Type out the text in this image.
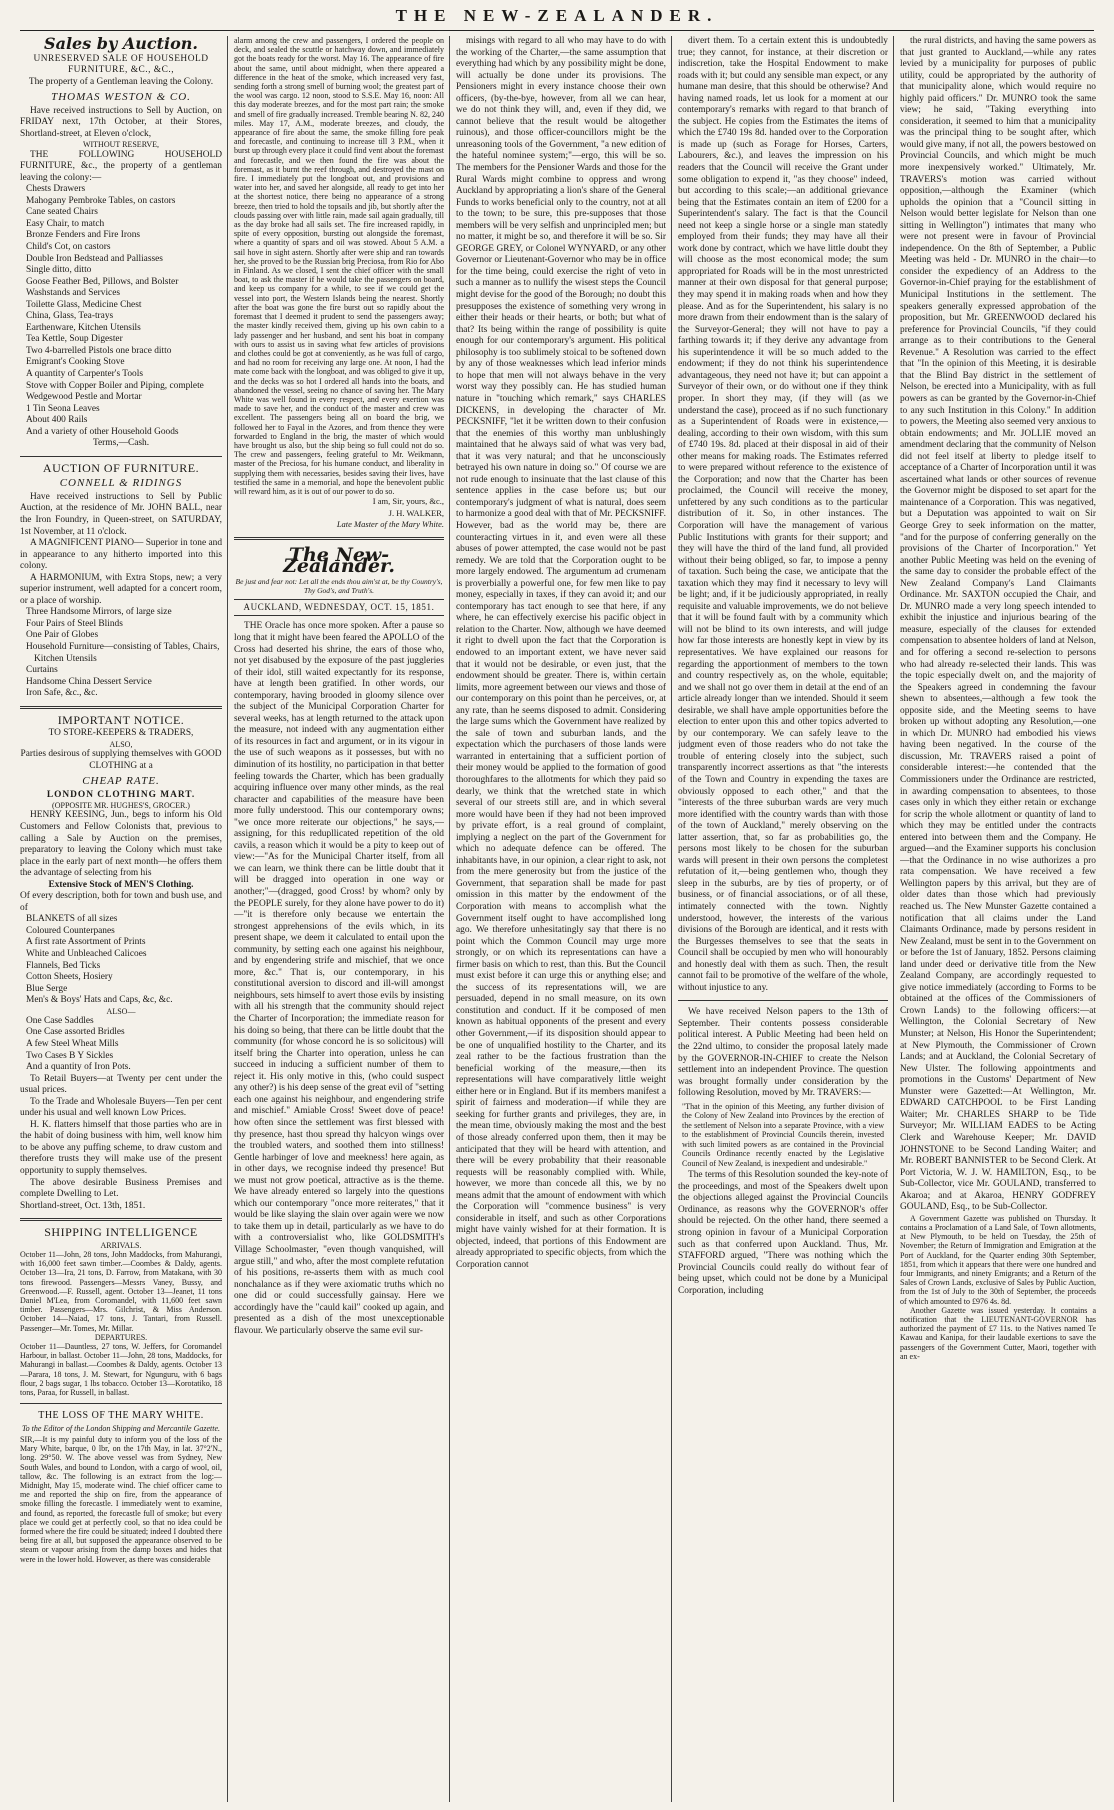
THE NEW-ZEALANDER.
Sales by Auction.
UNRESERVED SALE OF HOUSEHOLD FURNITURE, &C., &C.,
The property of a Gentleman leaving the Colony.
THOMAS WESTON & CO.

Have received instructions to Sell by Auction, on FRIDAY next, 17th October, at their Stores, Shortland-street, at Eleven o'clock,

WITHOUT RESERVE,

THE FOLLOWING HOUSEHOLD FURNITURE, &c., the property of a gentleman leaving the colony:—

Chests Drawers
Mahogany Pembroke Tables, on castors
Cane seated Chairs
Easy Chair, to match
Bronze Fenders and Fire Irons
Child's Cot, on castors
Double Iron Bedstead and Palliasses
Single ditto, ditto
Goose Feather Bed, Pillows, and Bolster
Washstands and Services
Toilette Glass, Medicine Chest
China, Glass, Tea-trays
Earthenware, Kitchen Utensils
Tea Kettle, Soup Digester
Two 4-barrelled Pistols one brace ditto
Emigrant's Cooking Stove
A quantity of Carpenter's Tools
Stove with Copper Boiler and Piping, complete
Wedgewood Pestle and Mortar
1 Tin Seona Leaves
About 400 Rails
And a variety of other Household Goods
Terms,—Cash.
AUCTION OF FURNITURE.
CONNELL & RIDINGS

Have received instructions to Sell by Public Auction, at the residence of Mr. JOHN BALL, near the Iron Foundry, in Queen-street, on SATURDAY, 1st November, at 11 o'clock.

A MAGNIFICENT PIANO— Superior in tone and in appearance to any hitherto imported into this colony.

A HARMONIUM, with Extra Stops, new; a very superior instrument, well adapted for a concert room, or a place of worship.

Three Handsome Mirrors, of large size
Four Pairs of Steel Blinds
One Pair of Globes
Household Furniture—consisting of Tables, Chairs, Kitchen Utensils
Curtains
Handsome China Dessert Service
Iron Safe, &c., &c.
IMPORTANT NOTICE.
TO STORE-KEEPERS & TRADERS,
ALSO,
Parties desirous of supplying themselves with GOOD CLOTHING at a
CHEAP RATE.
LONDON CLOTHING MART.
(OPPOSITE MR. HUGHES'S, GROCER.)

HENRY KEESING, Jun., begs to inform his Old Customers and Fellow Colonists that, previous to calling a Sale by Auction on the premises, preparatory to leaving the Colony which must take place in the early part of next month—he offers them the advantage of selecting from his

Extensive Stock of MEN'S Clothing.
Of every description, both for town and bush use, and of
BLANKETS of all sizes
Coloured Counterpanes
A first rate Assortment of Prints
White and Unbleached Calicoes
Flannels, Bed Ticks
Cotton Sheets, Hosiery
Blue Serge
Men's & Boys' Hats and Caps, &c, &c.
ALSO—
One Case Saddles
One Case assorted Bridles
A few Steel Wheat Mills
Two Cases B Y Sickles
And a quantity of Iron Pots.

To Retail Buyers—at Twenty per cent under the usual prices.

To the Trade and Wholesale Buyers—Ten per cent under his usual and well known Low Prices.

H. K. flatters himself that those parties who are in the habit of doing business with him, well know him to be above any puffing scheme, to draw custom and therefore trusts they will make use of the present opportunity to supply themselves.

The above desirable Business Premises and complete Dwelling to Let.

Shortland-street, Oct. 13th, 1851.
SHIPPING INTELLIGENCE
ARRIVALS.
October 11—John, 28 tons, John Maddocks, from Mahurangi, with 16,000 feet sawn timber.—Coombes & Daldy, agents. October 13—Ira, 21 tons, D. Farrow, from Matakana, with 30 tons firewood. Passengers—Messrs Vaney, Bussy, and Greenwood.—F. Russell, agent. October 13—Jeanet, 11 tons Daniel M'Lea, from Coromandel, with 11,600 feet sawn timber. Passengers—Mrs. Gilchrist, & Miss Anderson. October 14—Naiad, 17 tons, J. Tantari, from Russell. Passenger—Mr. Tomes, Mr. Millar.
DEPARTURES.
October 11—Dauntless, 27 tons, W. Jeffers, for Coromandel Harbour, in ballast. October 11—John, 28 tons, Maddocks, for Mahurangi in ballast.—Coombes & Daldy, agents. October 13—Parara, 18 tons, J. M. Stewart, for Ngunguru, with 6 bags flour, 2 bags sugar, 1 lbs tobacco. October 13—Korotatiko, 18 tons, Paraa, for Russell, in ballast.
THE LOSS OF THE MARY WHITE.
To the Editor of the London Shipping and Mercantile Gazette.
SIR,—It is my painful duty to inform you of the loss of the Mary White, barque, 0 lbr, on the 17th May, in lat. 37°2'N., long. 29°50. W. The above vessel was from Sydney, New South Wales, and bound to London, with a cargo of wool, oil, tallow, &c. The following is an extract from the log:—Midnight, May 15, moderate wind. The chief officer came to me and reported the ship on fire, from the appearance of smoke filling the forecastle. I immediately went to examine, and found, as reported, the forecastle full of smoke; but every place we could get at perfectly cool, so that no idea could be formed where the fire could be situated; indeed I doubted there being fire at all, but supposed the appearance observed to be steam or vapour arising from the damp boxes and hides that were in the lower hold. However, as there was considerable
alarm among the crew and passengers, I ordered the people on deck, and sealed the scuttle or hatchway down, and immediately got the boats ready for the worst. May 16. The appearance of fire about the same, until about midnight, when there appeared a difference in the heat of the smoke, which increased very fast, sending forth a strong smell of burning wool; the greatest part of the wool was cargo. 12 noon, stood to S.S.E. May 16, noon: All this day moderate breezes, and for the most part rain; the smoke and smell of fire gradually increased. Tremble bearing N. 82, 240 miles. May 17, A.M., moderate breezes, and cloudy, the appearance of fire about the same, the smoke filling fore peak and forecastle, and continuing to increase till 3 P.M., when it burst up through every place it could find vent about the foremast and forecastle, and we then found the fire was about the foremast, as it burnt the reef through, and destroyed the mast on fire. I immediately put the longboat out, and provisions and water into her, and saved her alongside, all ready to get into her at the shortest notice, there being no appearance of a strong breeze, then tried to hold the topsails and jib, but shortly after the clouds passing over with little rain, made sail again gradually, till as the day broke had all sails set. The fire increased rapidly, in spite of every opposition, bursting out alongside the foremast, where a quantity of spars and oil was stowed. About 5 A.M. a sail hove in sight astern. Shortly after were ship and ran towards her, she proved to be the Russian brig Preciosa, from Rio for Abo in Finland. As we closed, I sent the chief officer with the small boat, to ask the master if he would take the passengers on board, and keep us company for a while, to see if we could get the vessel into port, the Western Islands being the nearest. Shortly after the boat was gone the fire burst out so rapidly about the foremast that I deemed it prudent to send the passengers away; the master kindly received them, giving up his own cabin to a lady passenger and her husband, and sent his boat in company with ours to assist us in saving what few articles of provisions and clothes could be got at conveniently, as he was full of cargo, and had no room for receiving any large one. At noon, I had the mate come back with the longboat, and was obliged to give it up, and the decks was so hot I ordered all hands into the boats, and abandoned the vessel, seeing no chance of saving her. The Mary White was well found in every respect, and every exertion was made to save her, and the conduct of the master and crew was excellent. The passengers being all on board the brig, we followed her to Fayal in the Azores, and from thence they were forwarded to England in the brig, the master of which would have brought us also, but the ship being so full could not do so. The crew and passengers, feeling grateful to Mr. Weikmann, master of the Preciosa, for his humane conduct, and liberality in supplying them with necessaries, besides saving their lives, have testified the same in a memorial, and hope the benevolent public will reward him, as it is out of our power to do so.
I am, Sir, yours, &c.,
J. H. WALKER,
Late Master of the Mary White.
The New-Zealander.
Be just and fear not: Let all the ends thou aim'st at, be thy Country's, Thy God's, and Truth's.
AUCKLAND, WEDNESDAY, OCT. 15, 1851.

THE Oracle has once more spoken. After a pause so long that it might have been feared the APOLLO of the Cross had deserted his shrine, the ears of those who, not yet disabused by the exposure of the past juggleries of their idol, still waited expectantly for its response, have at length been gratified. In other words, our contemporary, having brooded in gloomy silence over the subject of the Municipal Corporation Charter for several weeks, has at length returned to the attack upon the measure, not indeed with any augmentation either of its resources in fact and argument, or in its vigour in the use of such weapons as it possesses, but with no diminution of its hostility, no participation in that better feeling towards the Charter, which has been gradually acquiring influence over many other minds, as the real character and capabilities of the measure have been more fully understood. This our contemporary owns; "we once more reiterate our objections," he says,—assigning, for this redupllicated repetition of the old cavils, a reason which it would be a pity to keep out of view:—"As for the Municipal Charter itself, from all we can learn, we think there can be little doubt that it will be dragged into operation in one way or another;"—(dragged, good Cross! by whom? only by the PEOPLE surely, for they alone have power to do it)—"it is therefore only because we entertain the strongest apprehensions of the evils which, in its present shape, we deem it calculated to entail upon the community, by setting each one against his neighbour, and by engendering strife and mischief, that we once more, &c." That is, our contemporary, in his constitutional aversion to discord and ill-will amongst neighbours, sets himself to avert those evils by insisting with all his strength that the community should reject the Charter of Incorporation; the immediate reason for his doing so being, that there can be little doubt that the community (for whose concord he is so solicitous) will itself bring the Charter into operation, unless he can succeed in inducing a sufficient number of them to reject it. His only motive in this, (who could suspect any other?) is his deep sense of the great evil of "setting each one against his neighbour, and engendering strife and mischief." Amiable Cross! Sweet dove of peace! how often since the settlement was first blessed with thy presence, hast thou spread thy halcyon wings over the troubled waters, and soothed them into stillness! Gentle harbinger of love and meekness! here again, as in other days, we recognise indeed thy presence! But we must not grow poetical, attractive as is the theme. We have already entered so largely into the questions which our contemporary "once more reiterates," that it would be like slaying the slain over again were we now to take them up in detail, particularly as we have to do with a controversialist who, like GOLDSMITH's Village Schoolmaster, "even though vanquished, will argue still," and who, after the most complete refutation of his positions, re-asserts them with as much cool nonchalance as if they were axiomatic truths which no one did or could successfully gainsay. Here we accordingly have the "cauld kail" cooked up again, and presented as a dish of the most unexceptionable flavour. We particularly observe the same evil sur-

misings with regard to all who may have to do with the working of the Charter,—the same assumption that everything had which by any possibility might be done, will actually be done under its provisions. The Pensioners might in every instance choose their own officers, (by-the-bye, however, from all we can hear, we do not think they will, and, even if they did, we cannot believe that the result would be altogether ruinous), and those officer-councillors might be the unreasoning tools of the Government, "a new edition of the hateful nominee system;"—ergo, this will be so. The members for the Pensioner Wards and those for the Rural Wards might combine to oppress and wrong Auckland by appropriating a lion's share of the General Funds to works beneficial only to the country, not at all to the town; to be sure, this pre-supposes that those members will be very selfish and unprincipled men; but no matter, it might be so, and therefore it will be so. Sir GEORGE GREY, or Colonel WYNYARD, or any other Governor or Lieutenant-Governor who may be in office for the time being, could exercise the right of veto in such a manner as to nullify the wisest steps the Council might devise for the good of the Borough; no doubt this presupposes the existence of something very wrong in either their heads or their hearts, or both; but what of that? Its being within the range of possibility is quite enough for our contemporary's argument. His political philosophy is too sublimely stoical to be softened down by any of those weaknesses which lead inferior minds to hope that men will not always behave in the very worst way they possibly can. He has studied human nature in "touching which remark," says CHARLES DICKENS, in developing the character of Mr. PECKSNIFF, "let it be written down to their confusion that the enemies of this worthy man unblushingly maintained that he always said of what was very bad, that it was very natural; and that he unconsciously betrayed his own nature in doing so." Of course we are not rude enough to insinuate that the last clause of this sentence applies in the case before us; but our contemporary's judgment of what is natural, does seem to harmonize a good deal with that of Mr. PECKSNIFF. However, bad as the world may be, there are counteracting virtues in it, and even were all these abuses of power attempted, the case would not be past remedy. We are told that the Corporation ought to be more largely endowed. The argumentum ad crumenam is proverbially a powerful one, for few men like to pay money, especially in taxes, if they can avoid it; and our contemporary has tact enough to see that here, if any where, he can effectively exercise his pacific object in relation to the Charter. Now, although we have deemed it right to dwell upon the fact that the Corporation is endowed to an important extent, we have never said that it would not be desirable, or even just, that the endowment should be greater. There is, within certain limits, more agreement between our views and those of our contemporary on this point than he perceives, or, at any rate, than he seems disposed to admit. Considering the large sums which the Government have realized by the sale of town and suburban lands, and the expectation which the purchasers of those lands were warranted in entertaining that a sufficient portion of their money would be applied to the formation of good thoroughfares to the allotments for which they paid so dearly, we think that the wretched state in which several of our streets still are, and in which several more would have been if they had not been improved by private effort, is a real ground of complaint, implying a neglect on the part of the Government for which no adequate defence can be offered. The inhabitants have, in our opinion, a clear right to ask, not from the mere generosity but from the justice of the Government, that separation shall be made for past omission in this matter by the endowment of the Corporation with means to accomplish what the Government itself ought to have accomplished long ago. We therefore unhesitatingly say that there is no point which the Common Council may urge more strongly, or on which its representations can have a firmer basis on which to rest, than this. But the Council must exist before it can urge this or anything else; and the success of its representations will, we are persuaded, depend in no small measure, on its own constitution and conduct. If it be composed of men known as habitual opponents of the present and every other Government,—if its disposition should appear to be one of unqualified hostility to the Charter, and its zeal rather to be the factious frustration than the beneficial working of the measure,—then its representations will have comparatively little weight either here or in England. But if its members manifest a spirit of fairness and moderation—if while they are seeking for further grants and privileges, they are, in the mean time, obviously making the most and the best of those already conferred upon them, then it may be anticipated that they will be heard with attention, and there will be every probability that their reasonable requests will be reasonably complied with. While, however, we more than concede all this, we by no means admit that the amount of endowment with which the Corporation will "commence business" is very considerable in itself, and such as other Corporations might have vainly wished for at their formation. It is objected, indeed, that portions of this Endowment are already appropriated to specific objects, from which the Corporation cannot

divert them. To a certain extent this is undoubtedly true; they cannot, for instance, at their discretion or indiscretion, take the Hospital Endowment to make roads with it; but could any sensible man expect, or any humane man desire, that this should be otherwise? And having named roads, let us look for a moment at our contemporary's remarks with regard to that branch of the subject. He copies from the Estimates the items of which the £740 19s 8d. handed over to the Corporation is made up (such as Forage for Horses, Carters, Labourers, &c.), and leaves the impression on his readers that the Council will receive the Grant under some obligation to expend it, "as they choose" indeed, but according to this scale;—an additional grievance being that the Estimates contain an item of £200 for a Superintendent's salary. The fact is that the Council need not keep a single horse or a single man statedly employed from their funds; they may have all their work done by contract, which we have little doubt they will choose as the most economical mode; the sum appropriated for Roads will be in the most unrestricted manner at their own disposal for that general purpose; they may spend it in making roads when and how they please. And as for the Superintendent, his salary is no more drawn from their endowment than is the salary of the Surveyor-General; they will not have to pay a farthing towards it; if they derive any advantage from his superintendence it will be so much added to the endowment; if they do not think his superintendence advantageous, they need not have it; but can appoint a Surveyor of their own, or do without one if they think proper. In short they may, (if they will (as we understand the case), proceed as if no such functionary as a Superintendent of Roads were in existence,—dealing, according to their own wisdom, with this sum of £740 19s. 8d. placed at their disposal in aid of their other means for making roads. The Estimates referred to were prepared without reference to the existence of the Corporation; and now that the Charter has been proclaimed, the Council will receive the money, unfettered by any such conditions as to the particular distribution of it. So, in other instances. The Corporation will have the management of various Public Institutions with grants for their support; and they will have the third of the land fund, all provided without their being obliged, so far, to impose a penny of taxation. Such being the case, we anticipate that the taxation which they may find it necessary to levy will be light; and, if it be judiciously appropriated, in really requisite and valuable improvements, we do not believe that it will be found fault with by a community which will not be blind to its own interests, and will judge how far those interests are honestly kept in view by its representatives. We have explained our reasons for regarding the apportionment of members to the town and country respectively as, on the whole, equitable; and we shall not go over them in detail at the end of an article already longer than we intended. Should it seem desirable, we shall have ample opportunities before the election to enter upon this and other topics adverted to by our contemporary. We can safely leave to the judgment even of those readers who do not take the trouble of entering closely into the subject, such transparently incorrect assertions as that "the interests of the Town and Country in expending the taxes are obviously opposed to each other," and that the "interests of the three suburban wards are very much more identified with the country wards than with those of the town of Auckland," merely observing on the latter assertion, that, so far as probabilities go, the persons most likely to be chosen for the suburban wards will present in their own persons the completest refutation of it,—being gentlemen who, though they sleep in the suburbs, are by ties of property, or of business, or of financial associations, or of all these, intimately connected with the town. Nightly understood, however, the interests of the various divisions of the Borough are identical, and it rests with the Burgesses themselves to see that the seats in Council shall be occupied by men who will honourably and honestly deal with them as such. Then, the result cannot fail to be promotive of the welfare of the whole, without injustice to any.

We have received Nelson papers to the 13th of September. Their contents possess considerable political interest. A Public Meeting had been held on the 22nd ultimo, to consider the proposal lately made by the GOVERNOR-IN-CHIEF to create the Nelson settlement into an independent Province. The question was brought formally under consideration by the following Resolution, moved by Mr. TRAVERS:—

"That in the opinion of this Meeting, any further division of the Colony of New Zealand into Provinces by the erection of the settlement of Nelson into a separate Province, with a view to the establishment of Provincial Councils therein, invested with such limited powers as are contained in the Provincial Councils Ordinance recently enacted by the Legislative Council of New Zealand, is inexpedient and undesirable."

The terms of this Resolution sounded the key-note of the proceedings, and most of the Speakers dwelt upon the objections alleged against the Provincial Councils Ordinance, as reasons why the GOVERNOR's offer should be rejected. On the other hand, there seemed a strong opinion in favour of a Municipal Corporation such as that conferred upon Auckland. Thus, Mr. STAFFORD argued, "There was nothing which the Provincial Councils could really do without fear of being upset, which could not be done by a Municipal Corporation, including

the rural districts, and having the same powers as that just granted to Auckland,—while any rates levied by a municipality for purposes of public utility, could be appropriated by the authority of that municipality alone, which would require no highly paid officers." Dr. MUNRO took the same view; he said, "Taking everything into consideration, it seemed to him that a municipality was the principal thing to be sought after, which would give many, if not all, the powers bestowed on Provincial Councils, and which might be much more inexpensively worked." Ultimately, Mr. TRAVERS's motion was carried without opposition,—although the Examiner (which upholds the opinion that a "Council sitting in Nelson would better legislate for Nelson than one sitting in Wellington") intimates that many who were not present were in favour of Provincial independence. On the 8th of September, a Public Meeting was held - Dr. MUNRO in the chair—to consider the expediency of an Address to the Governor-in-Chief praying for the establishment of Municipal Institutions in the settlement. The speakers generally expressed approbation of the proposition, but Mr. GREENWOOD declared his preference for Provincial Councils, "if they could arrange as to their contributions to the General Revenue." A Resolution was carried to the effect that "In the opinion of this Meeting, it is desirable that the Blind Bay district in the settlement of Nelson, be erected into a Municipality, with as full powers as can be granted by the Governor-in-Chief to any such Institution in this Colony." In addition to powers, the Meeting also seemed very anxious to obtain endowments; and Mr. JOLLIE moved an amendment declaring that the community of Nelson did not feel itself at liberty to pledge itself to acceptance of a Charter of Incorporation until it was ascertained what lands or other sources of revenue the Governor might be disposed to set apart for the maintenance of a Corporation. This was negatived, but a Deputation was appointed to wait on Sir George Grey to seek information on the matter, "and for the purpose of conferring generally on the provisions of the Charter of Incorporation." Yet another Public Meeting was held on the evening of the same day to consider the probable effect of the New Zealand Company's Land Claimants Ordinance. Mr. SAXTON occupied the Chair, and Dr. MUNRO made a very long speech intended to exhibit the injustice and injurious bearing of the measure, especially of the clauses for extended compensation to absentee holders of land at Nelson, and for offering a second re-selection to persons who had already re-selected their lands. This was the topic especially dwelt on, and the majority of the Speakers agreed in condemning the favour shewn to absentees,—although a few took the opposite side, and the Meeting seems to have broken up without adopting any Resolution,—one in which Dr. MUNRO had embodied his views having been negatived. In the course of the discussion, Mr. TRAVERS raised a point of considerable interest:—he contended that the Commissioners under the Ordinance are restricted, in awarding compensation to absentees, to those cases only in which they either retain or exchange for scrip the whole allotment or quantity of land to which they may be entitled under the contracts entered into between them and the Company. He argued—and the Examiner supports his conclusion—that the Ordinance in no wise authorizes a pro rata compensation. We have received a few Wellington papers by this arrival, but they are of older dates than those which had previously reached us. The New Munster Gazette contained a notification that all claims under the Land Claimants Ordinance, made by persons resident in New Zealand, must be sent in to the Government on or before the 1st of January, 1852. Persons claiming land under deed or derivative title from the New Zealand Company, are accordingly requested to give notice immediately (according to Forms to be obtained at the offices of the Commissioners of Crown Lands) to the following officers:—at Wellington, the Colonial Secretary of New Munster; at Nelson, His Honor the Superintendent; at New Plymouth, the Commissioner of Crown Lands; and at Auckland, the Colonial Secretary of New Ulster. The following appointments and promotions in the Customs' Department of New Munster were Gazetted:—At Wellington, Mr. EDWARD CATCHPOOL to be First Landing Waiter; Mr. CHARLES SHARP to be Tide Surveyor; Mr. WILLIAM EADES to be Acting Clerk and Warehouse Keeper; Mr. DAVID JOHNSTONE to be Second Landing Waiter; and Mr. ROBERT BANNISTER to be Second Clerk. At Port Victoria, W. J. W. HAMILTON, Esq., to be Sub-Collector, vice Mr. GOULAND, transferred to Akaroa; and at Akaroa, HENRY GODFREY GOULAND, Esq., to be Sub-Collector.

A Government Gazette was published on Thursday. It contains a Proclamation of a Land Sale, of Town allotments, at New Plymouth, to be held on Tuesday, the 25th of November; the Return of Immigration and Emigration at the Port of Auckland, for the Quarter ending 30th September, 1851, from which it appears that there were one hundred and four Immigrants, and ninety Emigrants; and a Return of the Sales of Crown Lands, exclusive of Sales by Public Auction, from the 1st of July to the 30th of September, the proceeds of which amounted to £976 4s. 8d.
Another Gazette was issued yesterday. It contains a notification that the LIEUTENANT-GOVERNOR has authorized the payment of £7 11s. to the Natives named Te Kawau and Kanipa, for their laudable exertions to save the passengers of the Government Cutter, Maori, together with an ex-
